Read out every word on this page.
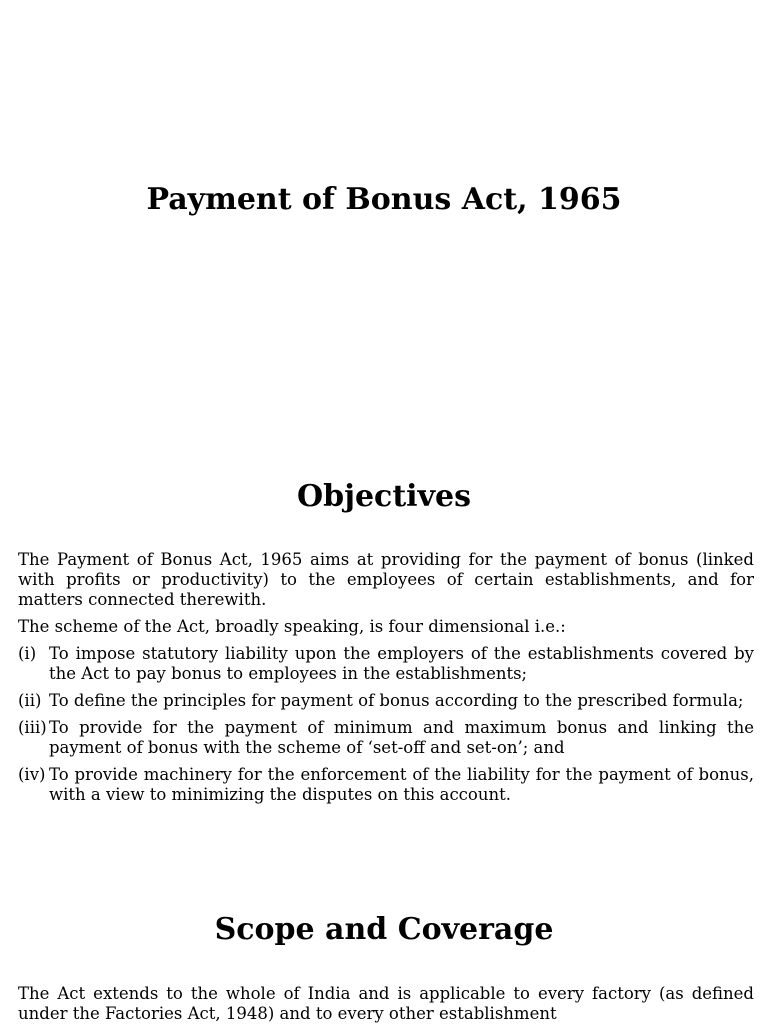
Payment of Bonus Act, 1965
Objectives

The Payment of Bonus Act, 1965 aims at providing for the payment of bonus (linked with profits or productivity) to the employees of certain establishments, and for matters connected therewith.

The scheme of the Act, broadly speaking, is four dimensional i.e.:

(i) To impose statutory liability upon the employers of the establishments covered by the Act to pay bonus to employees in the establishments;
(ii) To define the principles for payment of bonus according to the prescribed formula;
(iii) To provide for the payment of minimum and maximum bonus and linking the payment of bonus with the scheme of ‘set-off and set-on’; and
(iv) To provide machinery for the enforcement of the liability for the payment of bonus, with a view to minimizing the disputes on this account.
Scope and Coverage

The Act extends to the whole of India and is applicable to every factory (as defined under the Factories Act, 1948) and to every other establishment
